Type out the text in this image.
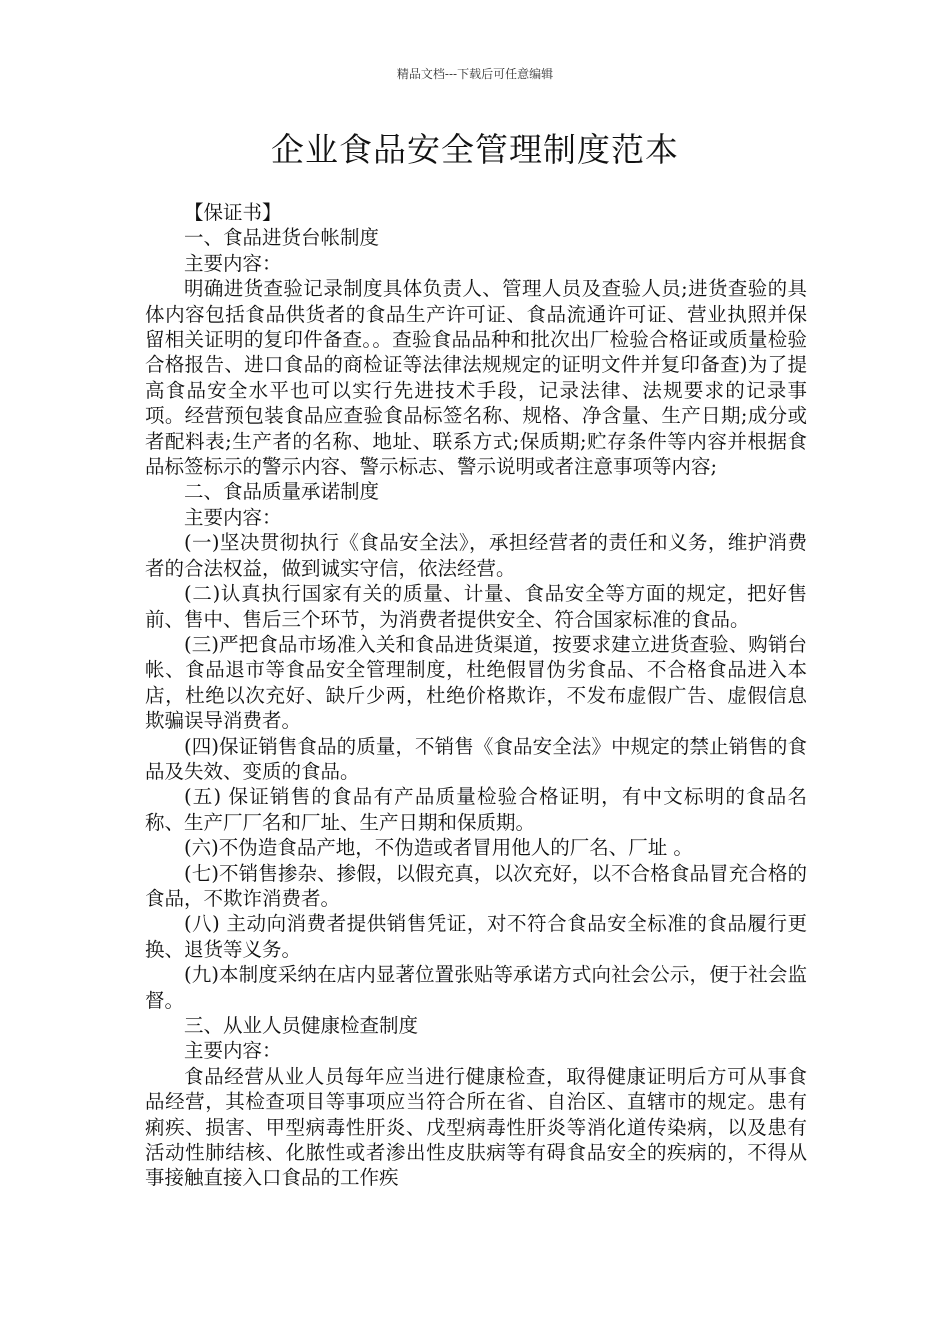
精品文档---下载后可任意编辑
企业食品安全管理制度范本

【保证书】

一、食品进货台帐制度

主要内容：

明确进货查验记录制度具体负责人、管理人员及查验人员;进货查验的具体内容包括食品供货者的食品生产许可证、食品流通许可证、营业执照并保留相关证明的复印件备查。。查验食品品种和批次出厂检验合格证或质量检验合格报告、进口食品的商检证等法律法规规定的证明文件并复印备查)为了提高食品安全水平也可以实行先进技术手段，记录法律、法规要求的记录事项。经营预包装食品应查验食品标签名称、规格、净含量、生产日期;成分或者配料表;生产者的名称、地址、联系方式;保质期;贮存条件等内容并根据食品标签标示的警示内容、警示标志、警示说明或者注意事项等内容;

二、食品质量承诺制度

主要内容：

(一)坚决贯彻执行《食品安全法》，承担经营者的责任和义务，维护消费者的合法权益，做到诚实守信，依法经营。

(二)认真执行国家有关的质量、计量、食品安全等方面的规定，把好售前、售中、售后三个环节，为消费者提供安全、符合国家标准的食品。

(三)严把食品市场准入关和食品进货渠道，按要求建立进货查验、购销台帐、食品退市等食品安全管理制度，杜绝假冒伪劣食品、不合格食品进入本店，杜绝以次充好、缺斤少两，杜绝价格欺诈，不发布虚假广告、虚假信息欺骗误导消费者。

(四)保证销售食品的质量，不销售《食品安全法》中规定的禁止销售的食品及失效、变质的食品。

(五) 保证销售的食品有产品质量检验合格证明，有中文标明的食品名称、生产厂厂名和厂址、生产日期和保质期。

(六)不伪造食品产地，不伪造或者冒用他人的厂名、厂址 。

(七)不销售掺杂、掺假，以假充真，以次充好，以不合格食品冒充合格的食品，不欺诈消费者。

(八) 主动向消费者提供销售凭证，对不符合食品安全标准的食品履行更换、退货等义务。

(九)本制度采纳在店内显著位置张贴等承诺方式向社会公示，便于社会监督。

三、从业人员健康检查制度

主要内容：

食品经营从业人员每年应当进行健康检查，取得健康证明后方可从事食品经营，其检查项目等事项应当符合所在省、自治区、直辖市的规定。患有痢疾、损害、甲型病毒性肝炎、戊型病毒性肝炎等消化道传染病，以及患有活动性肺结核、化脓性或者渗出性皮肤病等有碍食品安全的疾病的，不得从事接触直接入口食品的工作疾
